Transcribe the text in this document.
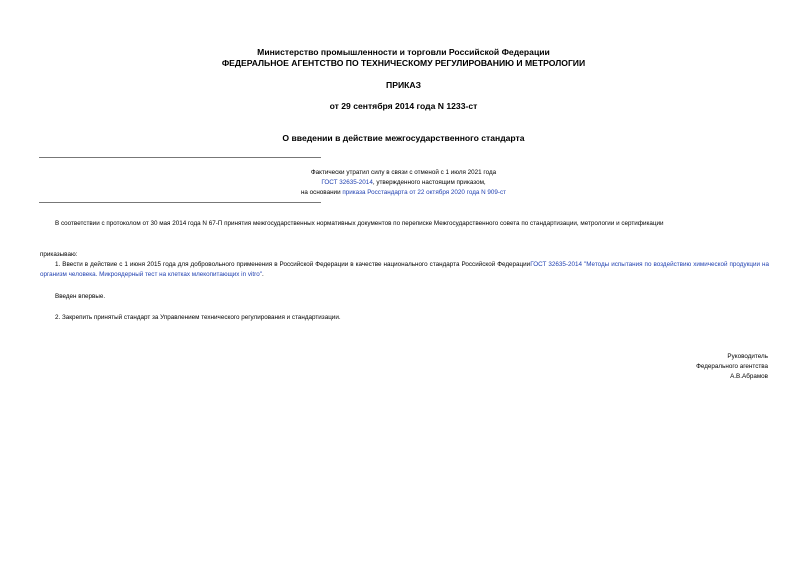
Министерство промышленности и торговли Российской Федерации
ФЕДЕРАЛЬНОЕ АГЕНТСТВО ПО ТЕХНИЧЕСКОМУ РЕГУЛИРОВАНИЮ И МЕТРОЛОГИИ
ПРИКАЗ
от 29 сентября 2014 года N 1233-ст
О введении в действие межгосударственного стандарта
Фактически утратил силу в связи с отменой с 1 июля 2021 года
ГОСТ 32635-2014, утвержденного настоящим приказом,
на основании приказа Росстандарта от 22 октября 2020 года N 909-ст
В соответствии с протоколом от 30 мая 2014 года N 67-П принятия межгосударственных нормативных документов по переписке Межгосударственного совета по стандартизации, метрологии и сертификации
приказываю:
1. Ввести в действие с 1 июня 2015 года для добровольного применения в Российской Федерации в качестве национального стандарта Российской ФедерацииГОСТ 32635-2014 "Методы испытания по воздействию химической продукции на организм человека. Микроядерный тест на клетках млекопитающих in vitro".
Введен впервые.
2. Закрепить принятый стандарт за Управлением технического регулирования и стандартизации.
Руководитель
Федерального агентства
А.В.Абрамов
